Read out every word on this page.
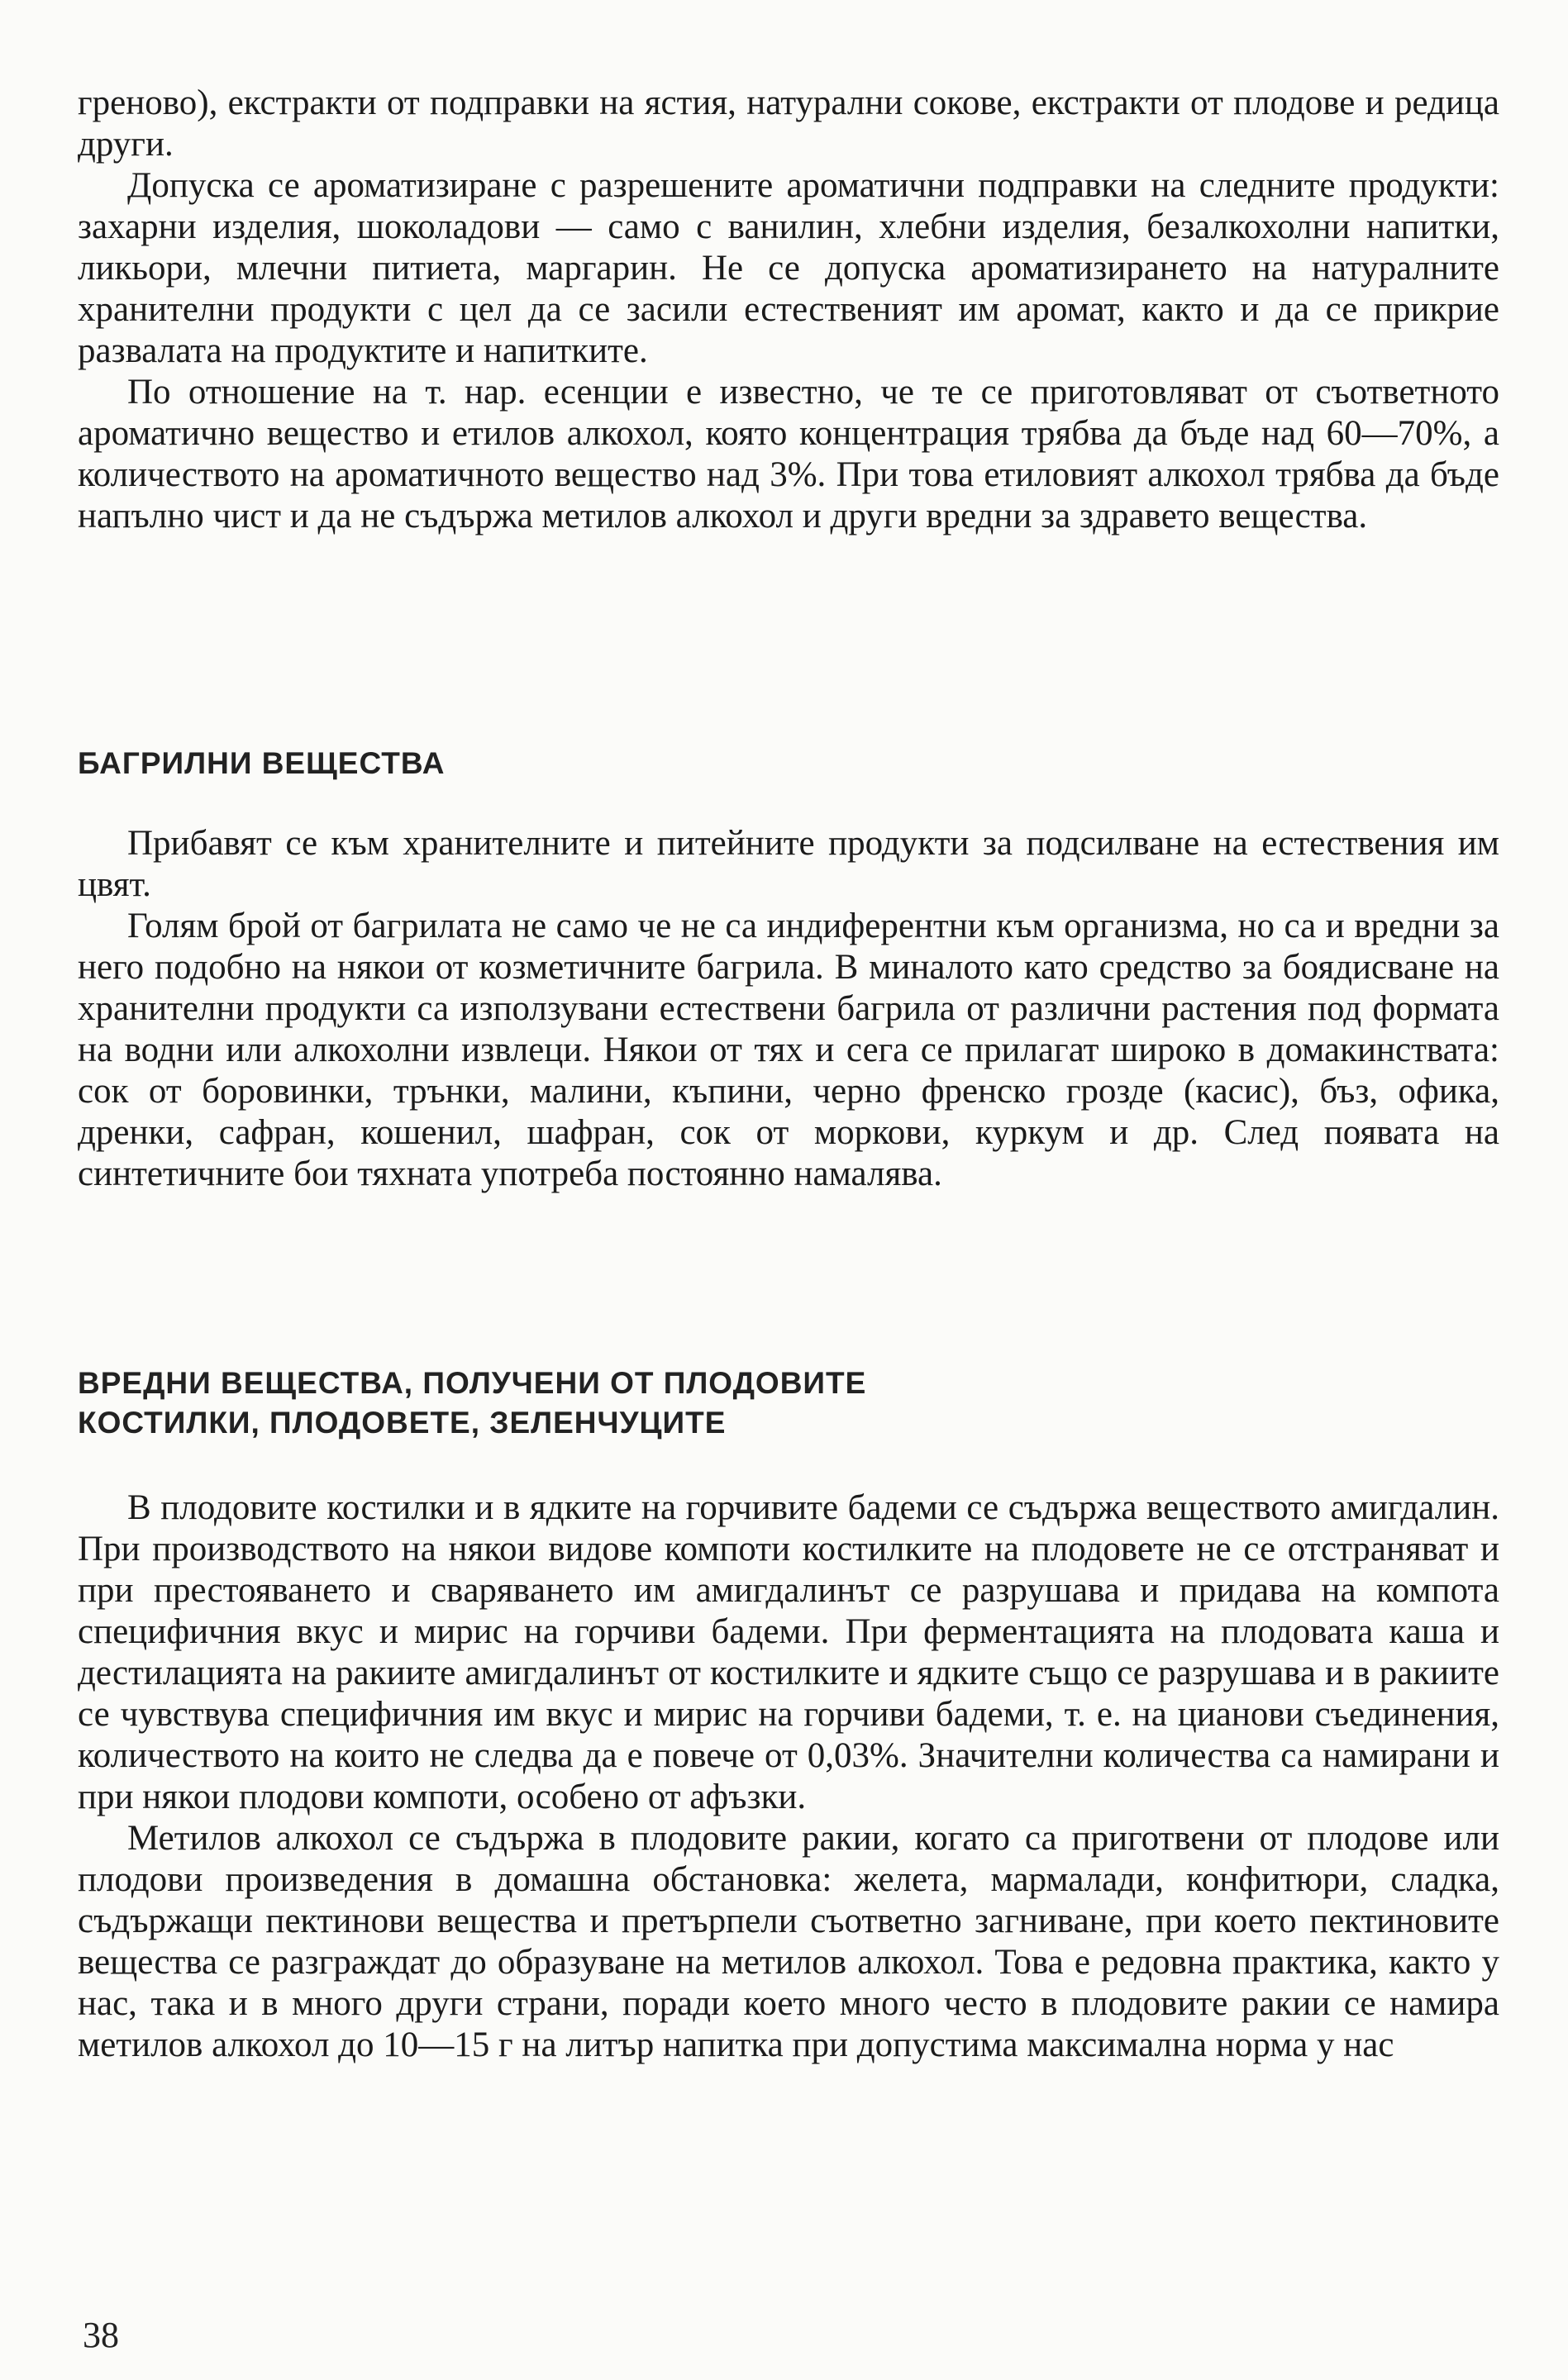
греново), екстракти от подправки на ястия, натурални сокове, екстракти от плодове и редица други.

Допуска се ароматизиране с разрешените ароматични подправки на следните продукти: захарни изделия, шоколадови — само с ванилин, хлебни изделия, безалкохолни напитки, ликьори, млечни питиета, маргарин. Не се допуска ароматизирането на натуралните хранителни продукти с цел да се засили естественият им аромат, както и да се прикрие развалата на продуктите и напитките.

По отношение на т. нар. есенции е известно, че те се приготовляват от съответното ароматично вещество и етилов алкохол, която концентрация трябва да бъде над 60—70%, а количеството на ароматичното вещество над 3%. При това етиловият алкохол трябва да бъде напълно чист и да не съдържа метилов алкохол и други вредни за здравето вещества.

БАГРИЛНИ ВЕЩЕСТВА

Прибавят се към хранителните и питейните продукти за подсилване на естествения им цвят.

Голям брой от багрилата не само че не са индиферентни към организма, но са и вредни за него подобно на някои от козметичните багрила. В миналото като средство за боядисване на хранителни продукти са използувани естествени багрила от различни растения под формата на водни или алкохолни извлеци. Някои от тях и сега се прилагат широко в домакинствата: сок от боровинки, трънки, малини, къпини, черно френско грозде (касис), бъз, офика, дренки, сафран, кошенил, шафран, сок от моркови, куркум и др. След появата на синтетичните бои тяхната употреба постоянно намалява.

ВРЕДНИ ВЕЩЕСТВА, ПОЛУЧЕНИ ОТ ПЛОДОВИТЕ
КОСТИЛКИ, ПЛОДОВЕТЕ, ЗЕЛЕНЧУЦИТЕ

В плодовите костилки и в ядките на горчивите бадеми се съдържа веществото амигдалин. При производството на някои видове компоти костилките на плодовете не се отстраняват и при престояването и свaрявaнeтo им амигдалинът се разрушава и придава на компота специфичния вкус и мирис на горчиви бадеми. При ферментацията на плодовата каша и дестилацията на ракиите амигдалинът от костилките и ядките също се разрушава и в ракиите се чувствува специфичния им вкус и мирис на горчиви бадеми, т. е. на цианови съединения, количеството на които не следва да е повече от 0,03%. Значителни количества са намирани и при някои плодови компоти, особено от афъзки.

Метилов алкохол се съдържа в плодовите ракии, когато са приготвени от плодове или плодови произведения в домашна обстановка: желета, мармалади, конфитюри, сладка, съдържащи пектинови вещества и претърпели съответно загниване, при което пектиновите вещества се разграждат до образуване на метилов алкохол. Това е редовна практика, както у нас, така и в много други страни, поради което много често в плодовите ракии се намира метилов алкохол до 10—15 г на литър напитка при допустима максимална норма у нас

38
